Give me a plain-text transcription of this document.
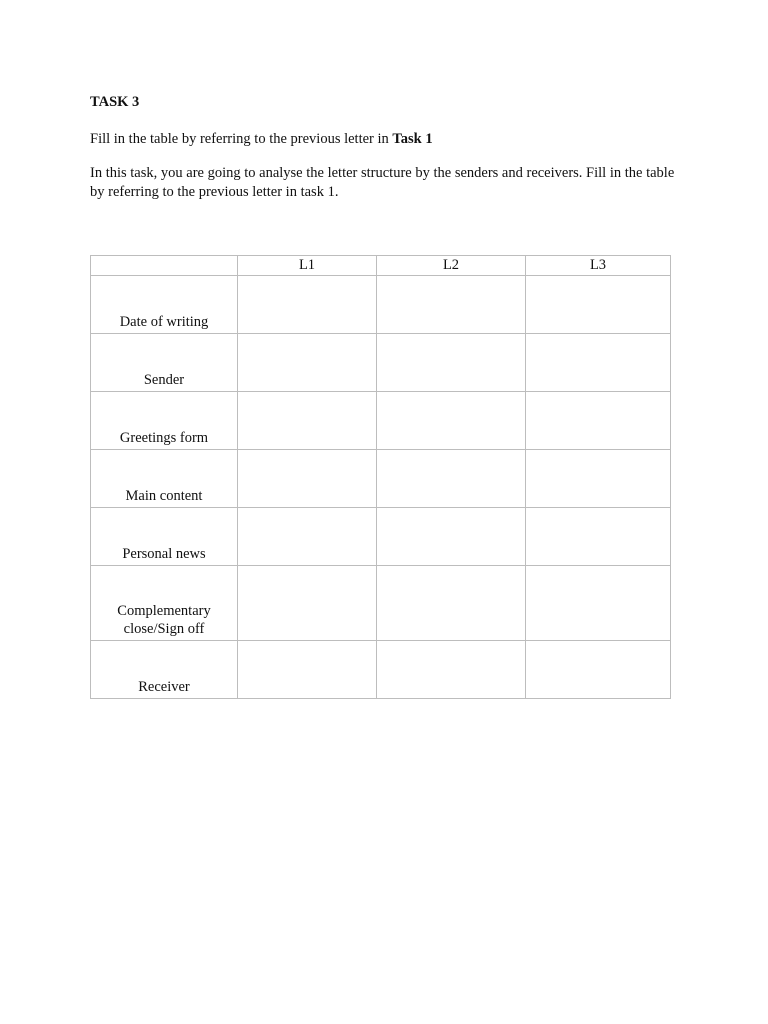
TASK 3

Fill in the table by referring to the previous letter in Task 1

In this task, you are going to analyse the letter structure by the senders and receivers. Fill in the table by referring to the previous letter in task 1.

	L1	L2	L3
Date of writing			
Sender			
Greetings form			
Main content			
Personal news			
Complementary close/Sign off			
Receiver			
